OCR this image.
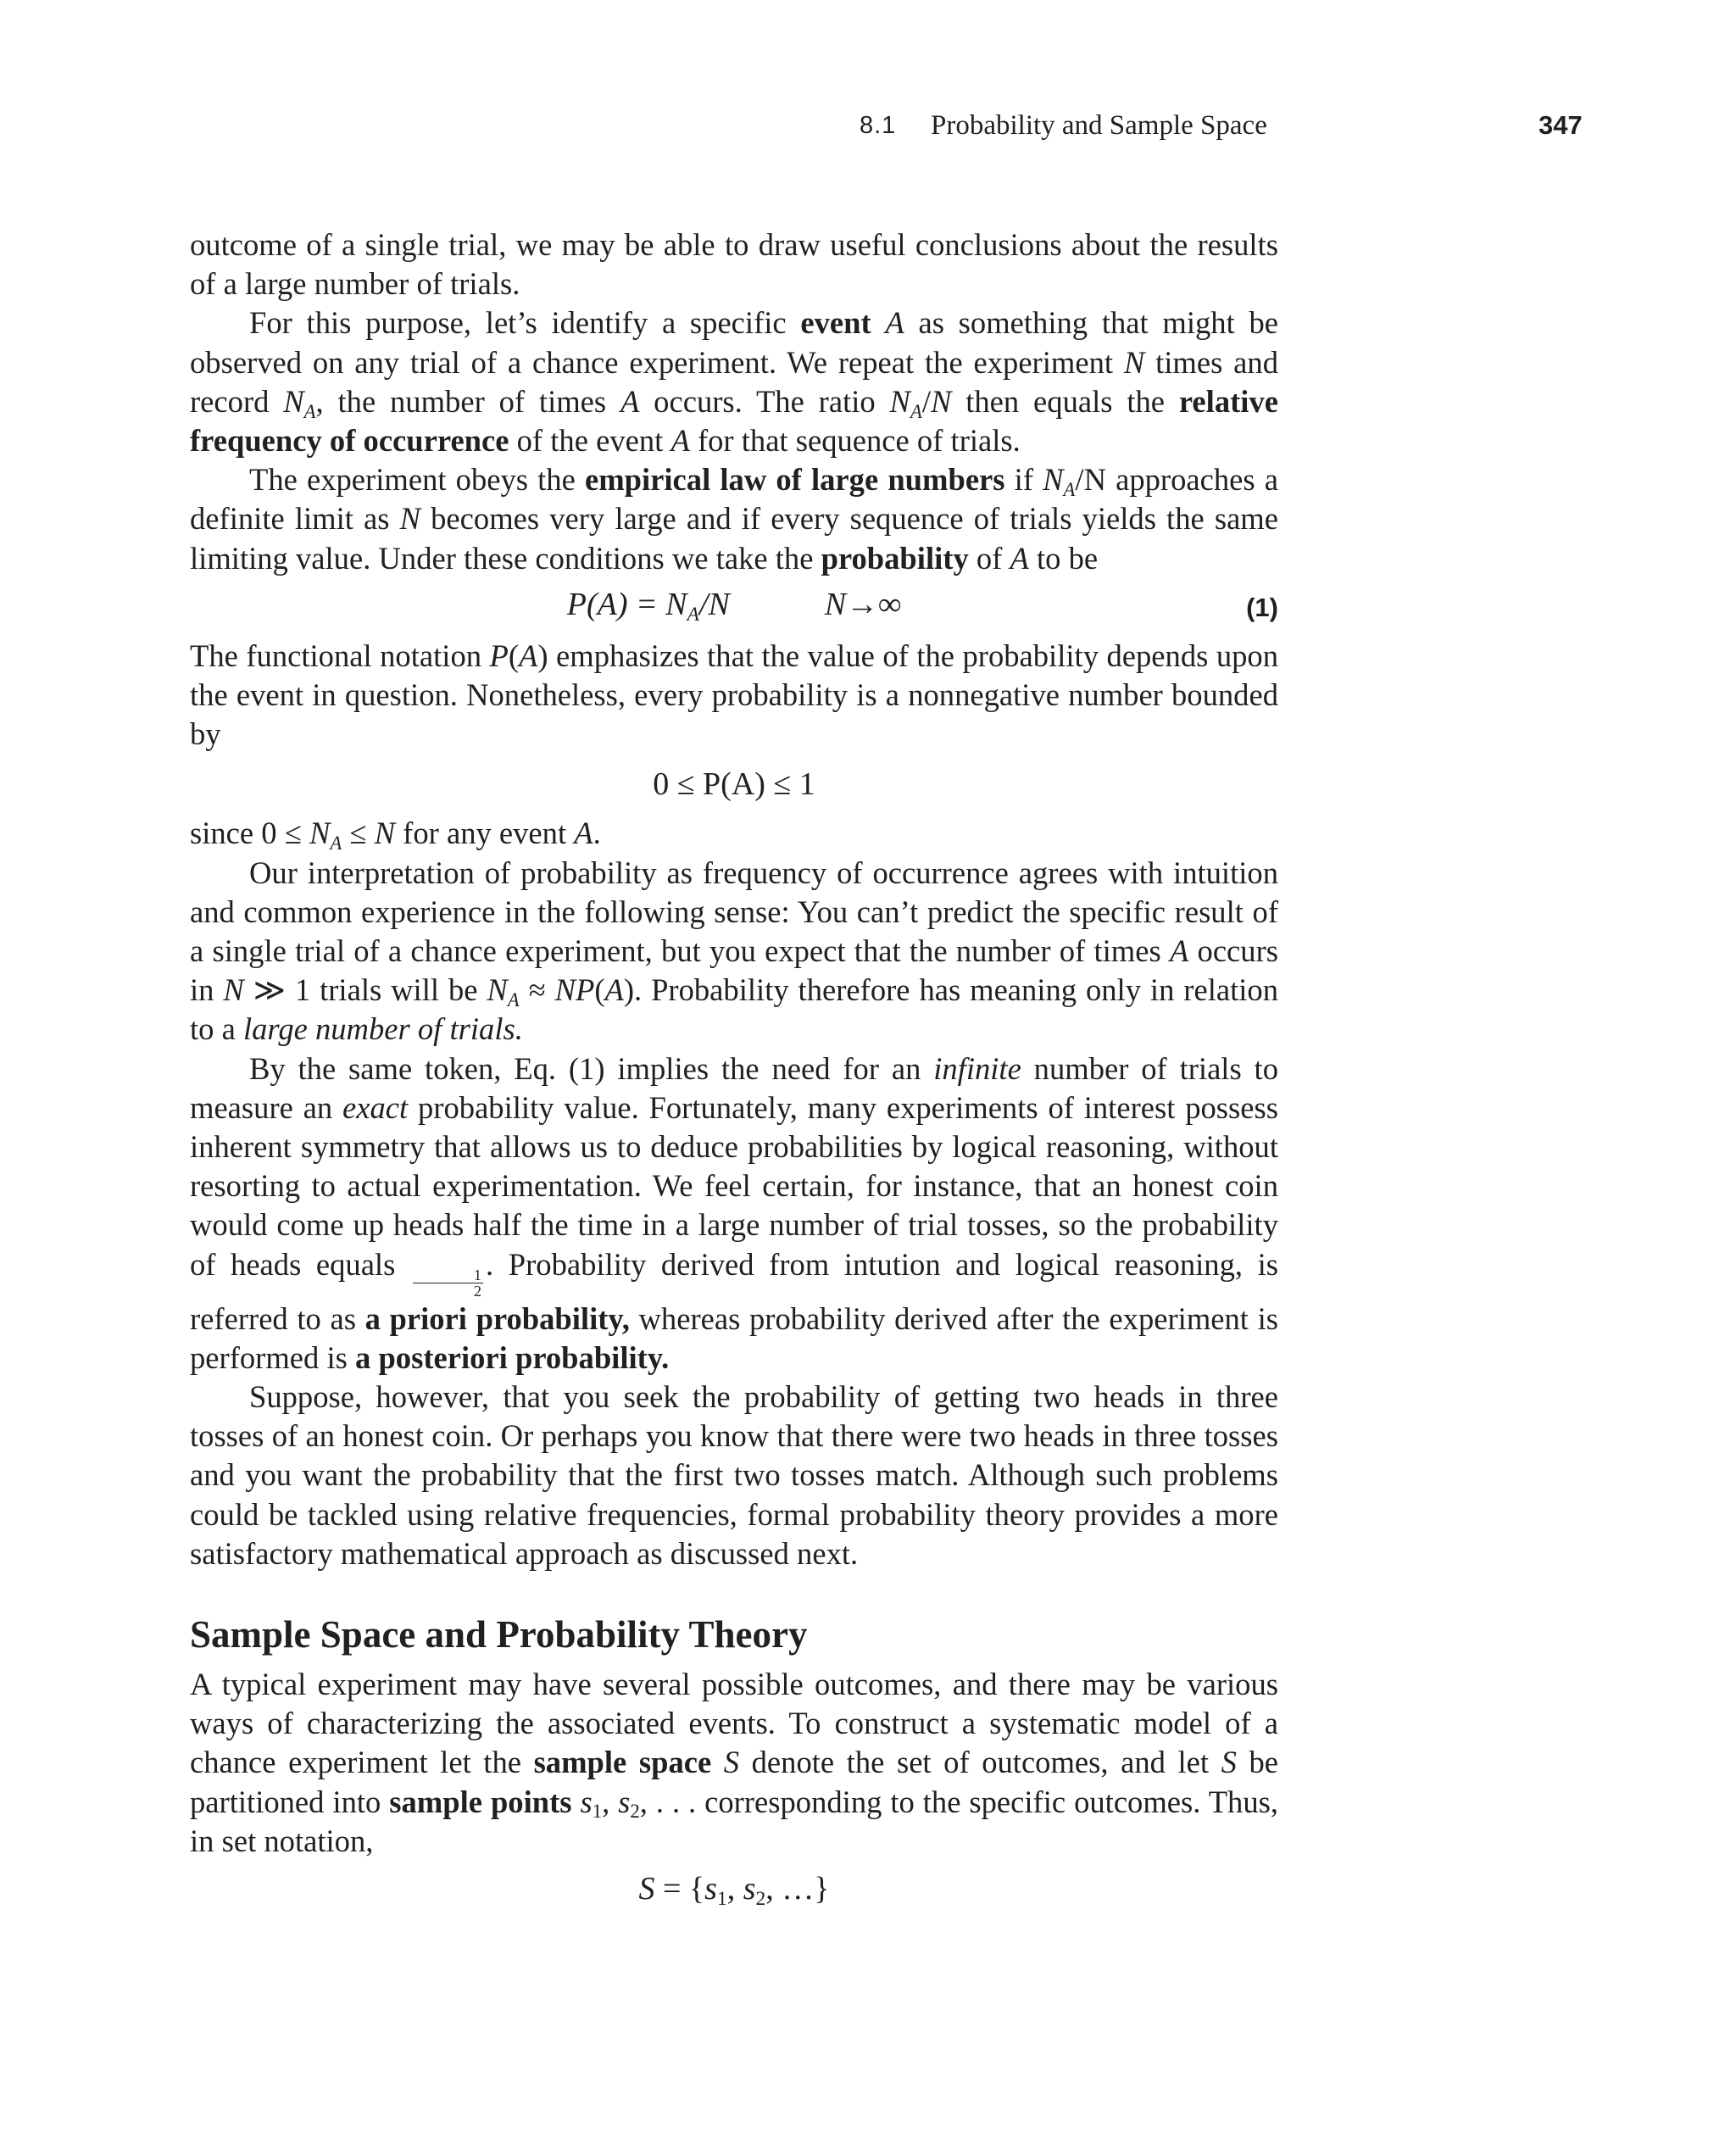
8.1 Probability and Sample Space	347

outcome of a single trial, we may be able to draw useful conclusions about the results of a large number of trials.

For this purpose, let’s identify a specific event A as something that might be observed on any trial of a chance experiment. We repeat the experiment N times and record $N_A$, the number of times A occurs. The ratio $N_A/N$ then equals the relative frequency of occurrence of the event A for that sequence of trials.

The experiment obeys the empirical law of large numbers if $N_A/N$ approaches a definite limit as N becomes very large and if every sequence of trials yields the same limiting value. Under these conditions we take the probability of A to be

$P(A) = N_A/N$	N→∞	(1)

The functional notation P(A) emphasizes that the value of the probability depends upon the event in question. Nonetheless, every probability is a nonnegative number bounded by

0 ≤ P(A) ≤ 1

since $0 \le N_A \le N$ for any event A.

Our interpretation of probability as frequency of occurrence agrees with intuition and common experience in the following sense: You can’t predict the specific result of a single trial of a chance experiment, but you expect that the number of times A occurs in N ≫ 1 trials will be $N_A \approx NP(A)$. Probability therefore has meaning only in relation to a large number of trials.

By the same token, Eq. (1) implies the need for an infinite number of trials to measure an exact probability value. Fortunately, many experiments of interest possess inherent symmetry that allows us to deduce probabilities by logical reasoning, without resorting to actual experimentation. We feel certain, for instance, that an honest coin would come up heads half the time in a large number of trial tosses, so the probability of heads equals
$\frac{1}{2}$
. Probability derived from intution and logical reasoning, is referred to as a priori probability, whereas probability derived after the experiment is performed is a posteriori probability.

Suppose, however, that you seek the probability of getting two heads in three tosses of an honest coin. Or perhaps you know that there were two heads in three tosses and you want the probability that the first two tosses match. Although such problems could be tackled using relative frequencies, formal probability theory provides a more satisfactory mathematical approach as discussed next.

Sample Space and Probability Theory

A typical experiment may have several possible outcomes, and there may be various ways of characterizing the associated events. To construct a systematic model of a chance experiment let the sample space S denote the set of outcomes, and let S be partitioned into sample points $s_1$, $s_2$, . . . corresponding to the specific outcomes. Thus, in set notation,

$S = \{s_1$, $s_2$, …}
